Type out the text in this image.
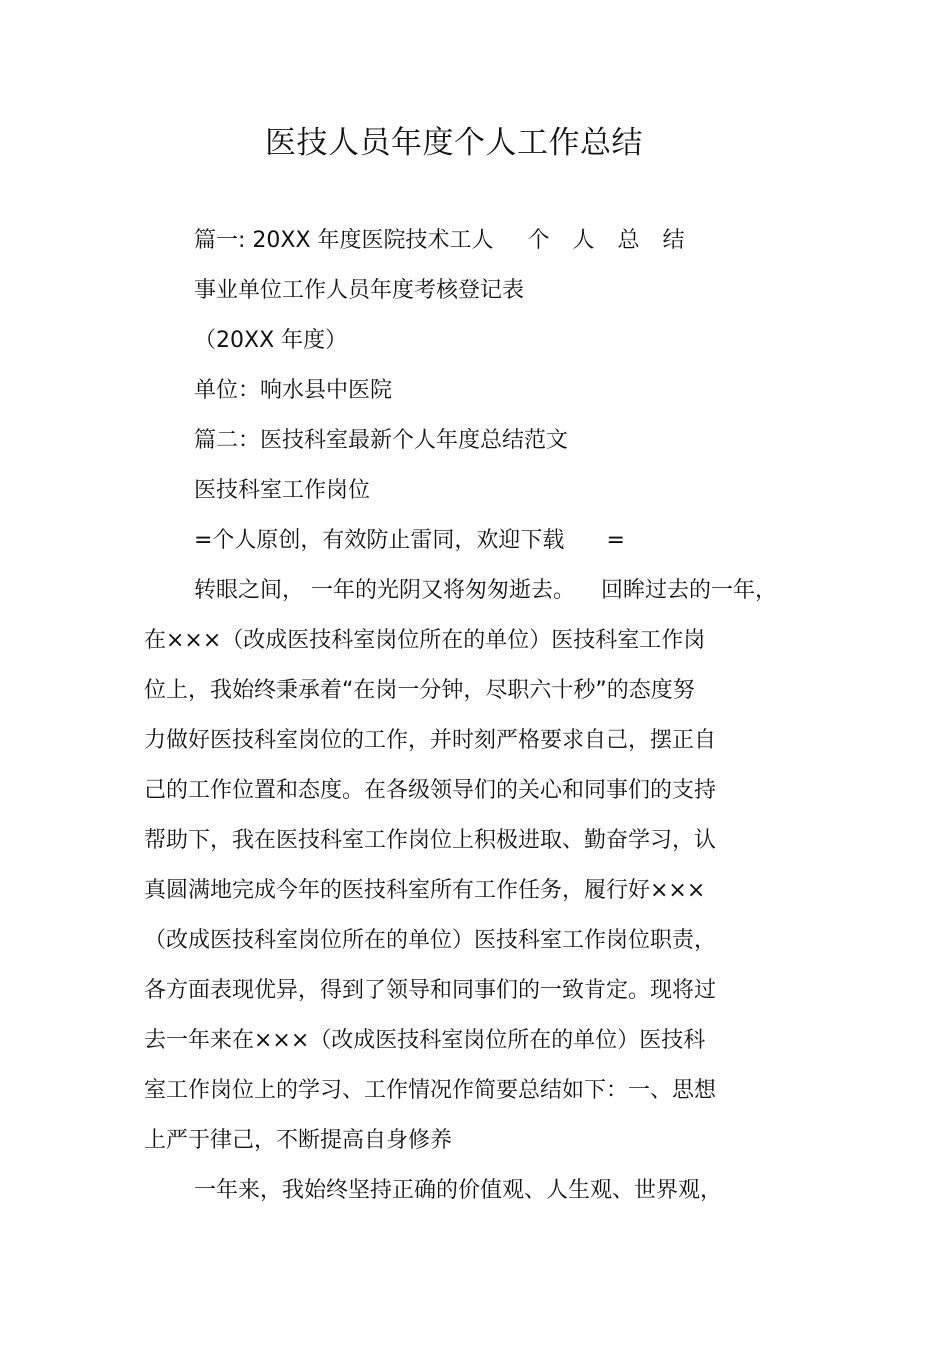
医技人员年度个人工作总结
篇一: 20XX 年度医院技术工人 个 人 总 结
事业单位工作人员年度考核登记表
（20XX 年度）
单位：响水县中医院
篇二：医技科室最新个人年度总结范文
医技科室工作岗位
=个人原创，有效防止雷同，欢迎下载 =
转眼之间， 一年的光阴又将匆匆逝去。 回眸过去的一年，
在×××（改成医技科室岗位所在的单位）医技科室工作岗
位上，我始终秉承着“在岗一分钟，尽职六十秒”的态度努
力做好医技科室岗位的工作，并时刻严格要求自己，摆正自
己的工作位置和态度。在各级领导们的关心和同事们的支持
帮助下，我在医技科室工作岗位上积极进取、勤奋学习，认
真圆满地完成今年的医技科室所有工作任务，履行好×××
（改成医技科室岗位所在的单位）医技科室工作岗位职责，
各方面表现优异，得到了领导和同事们的一致肯定。现将过
去一年来在×××（改成医技科室岗位所在的单位）医技科
室工作岗位上的学习、工作情况作简要总结如下：一、思想
上严于律己，不断提高自身修养
一年来，我始终坚持正确的价值观、人生观、世界观，
